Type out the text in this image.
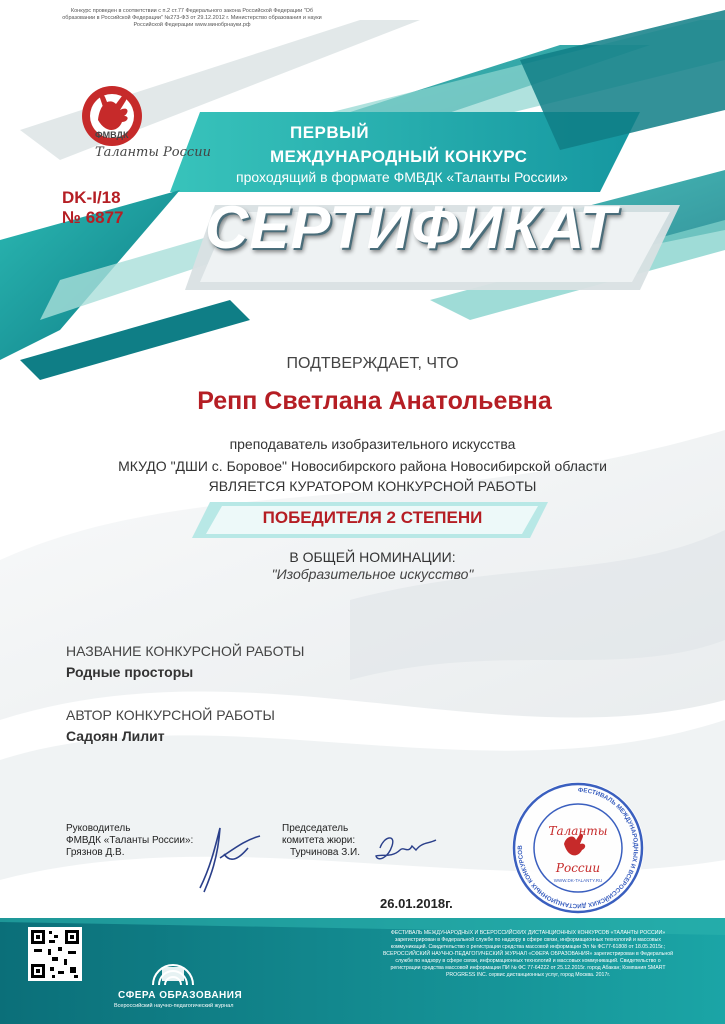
Конкурс проведен в соответствии с п.2 ст.77 Федерального закона Российской Федерации "Об образовании в Российской Федерации" №273-ФЗ от 29.12.2012 г. Министерство образования и науки Российской Федерации www.минобрнауки.рф
ФМВДК
Таланты России
ПЕРВЫЙ
МЕЖДУНАРОДНЫЙ КОНКУРС
проходящий в формате ФМВДК «Таланты России»
DK-I/18
№ 6877 СЕРТИФИКАТ
ПОДТВЕРЖДАЕТ, ЧТО
Репп Светлана Анатольевна
преподаватель изобразительного искусства
МКУДО "ДШИ с. Боровое" Новосибирского района Новосибирской области
ЯВЛЯЕТСЯ КУРАТОРОМ КОНКУРСНОЙ РАБОТЫ
ПОБЕДИТЕЛЯ 2 СТЕПЕНИ
В ОБЩЕЙ НОМИНАЦИИ:
"Изобразительное искусство"
НАЗВАНИЕ КОНКУРСНОЙ РАБОТЫ
Родные просторы
АВТОР КОНКУРСНОЙ РАБОТЫ
Садоян Лилит
Руководитель
ФМВДК «Таланты России»:
Грязнов Д.В.
Председатель
комитета жюри:
Турчинова З.И.
26.01.2018г.
ФЕСТИВАЛЬ МЕЖДУНАРОДНЫХ И ВСЕРОССИЙСКИХ ДИСТАНЦИОННЫХ КОНКУРСОВ
Таланты
России
WWW.DK-TALANTY.RU
СФЕРА ОБРАЗОВАНИЯ
Всероссийский научно-педагогический журнал
ФЕСТИВАЛЬ МЕЖДУНАРОДНЫХ И ВСЕРОССИЙСКИХ ДИСТАНЦИОННЫХ КОНКУРСОВ «ТАЛАНТЫ РОССИИ» зарегистрирован в Федеральной службе по надзору в сфере связи, информационных технологий и массовых коммуникаций. Свидетельство о регистрации средства массовой информации Эл № ФС77-61808 от 18.05.2015г.; ВСЕРОССИЙСКИЙ НАУЧНО-ПЕДАГОГИЧЕСКИЙ ЖУРНАЛ «СФЕРА ОБРАЗОВАНИЯ» зарегистрирован в Федеральной службе по надзору в сфере связи, информационных технологий и массовых коммуникаций. Свидетельство о регистрации средства массовой информации ПИ № ФС 77-64222 от 25.12.2015г. город Абакан; Компания SMART PROGRESS INC. сервис дистанционных услуг, город Москва. 2017г.
